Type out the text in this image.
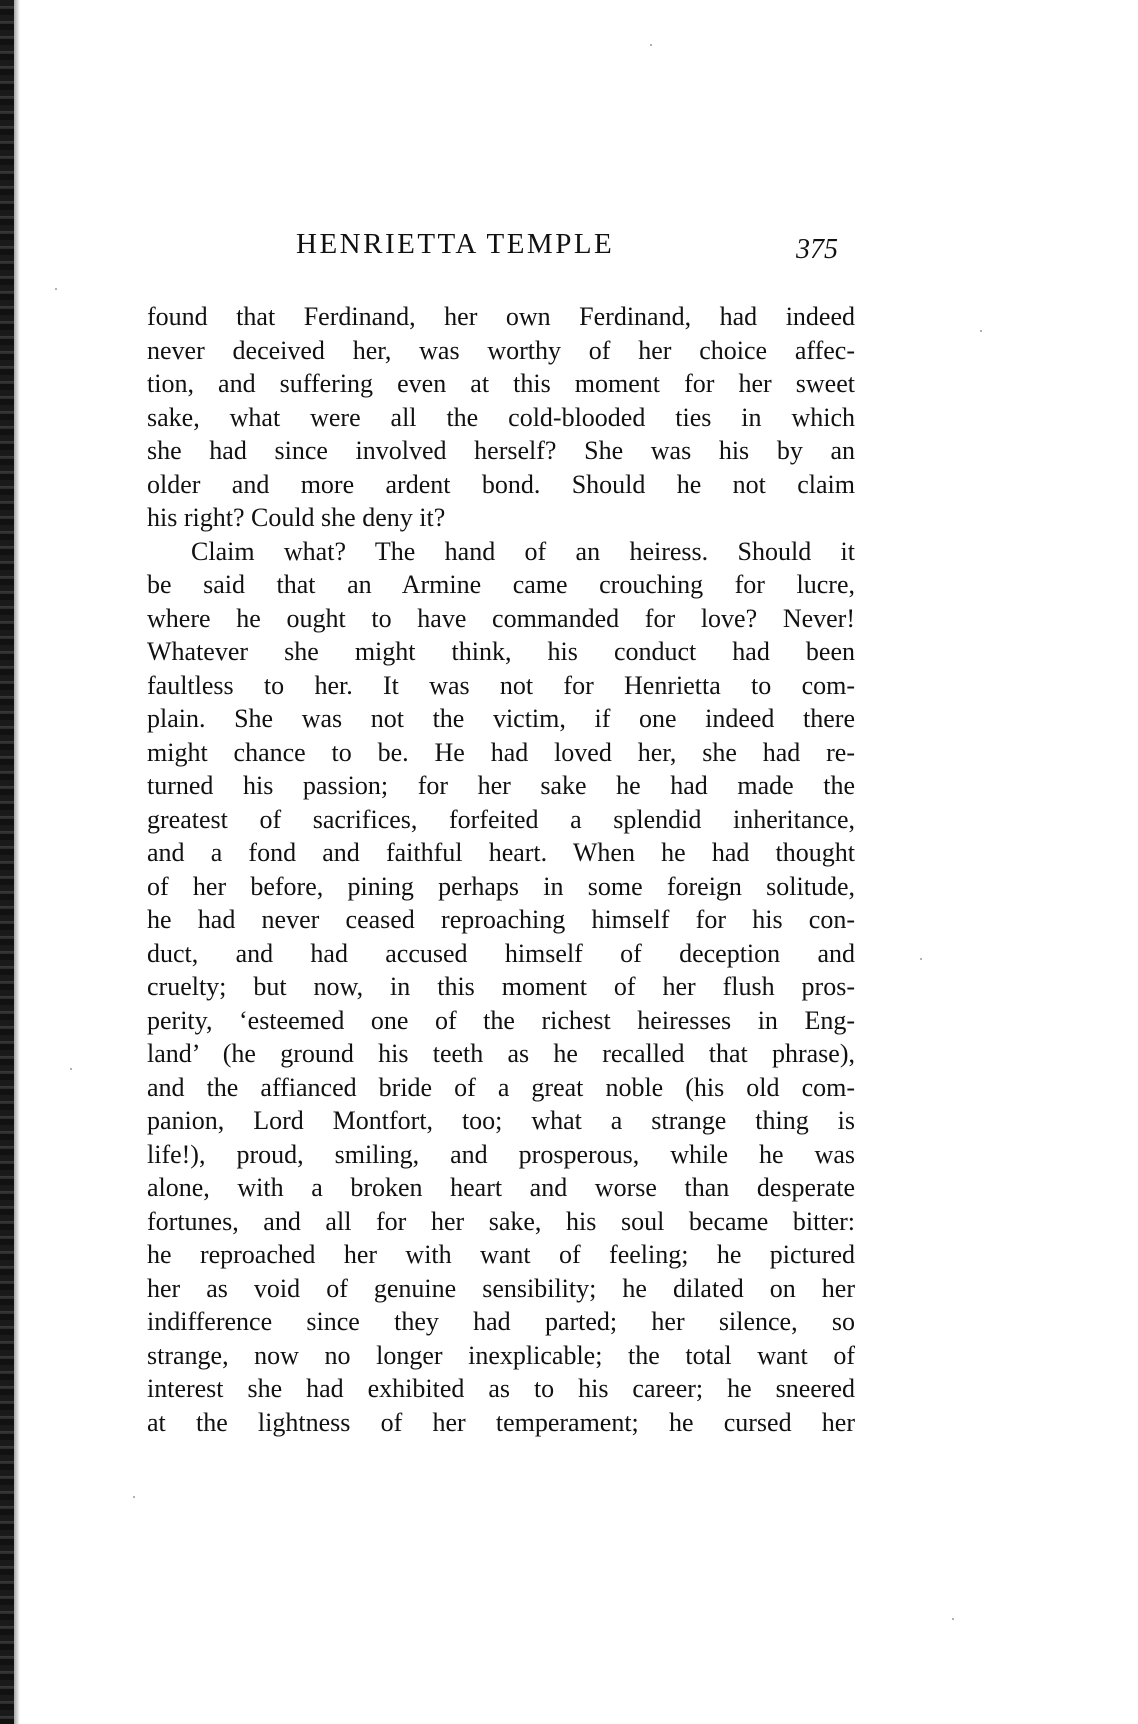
HENRIETTA TEMPLE	375
found that Ferdinand, her own Ferdinand, had indeed
never deceived her, was worthy of her choice affec-
tion, and suffering even at this moment for her sweet
sake, what were all the cold-blooded ties in which
she had since involved herself? She was his by an
older and more ardent bond. Should he not claim
his right? Could she deny it?
Claim what? The hand of an heiress. Should it
be said that an Armine came crouching for lucre,
where he ought to have commanded for love? Never!
Whatever she might think, his conduct had been
faultless to her. It was not for Henrietta to com-
plain. She was not the victim, if one indeed there
might chance to be. He had loved her, she had re-
turned his passion; for her sake he had made the
greatest of sacrifices, forfeited a splendid inheritance,
and a fond and faithful heart. When he had thought
of her before, pining perhaps in some foreign solitude,
he had never ceased reproaching himself for his con-
duct, and had accused himself of deception and
cruelty; but now, in this moment of her flush pros-
perity, ‘esteemed one of the richest heiresses in Eng-
land’ (he ground his teeth as he recalled that phrase),
and the affianced bride of a great noble (his old com-
panion, Lord Montfort, too; what a strange thing is
life!), proud, smiling, and prosperous, while he was
alone, with a broken heart and worse than desperate
fortunes, and all for her sake, his soul became bitter:
he reproached her with want of feeling; he pictured
her as void of genuine sensibility; he dilated on her
indifference since they had parted; her silence, so
strange, now no longer inexplicable; the total want of
interest she had exhibited as to his career; he sneered
at the lightness of her temperament; he cursed her
